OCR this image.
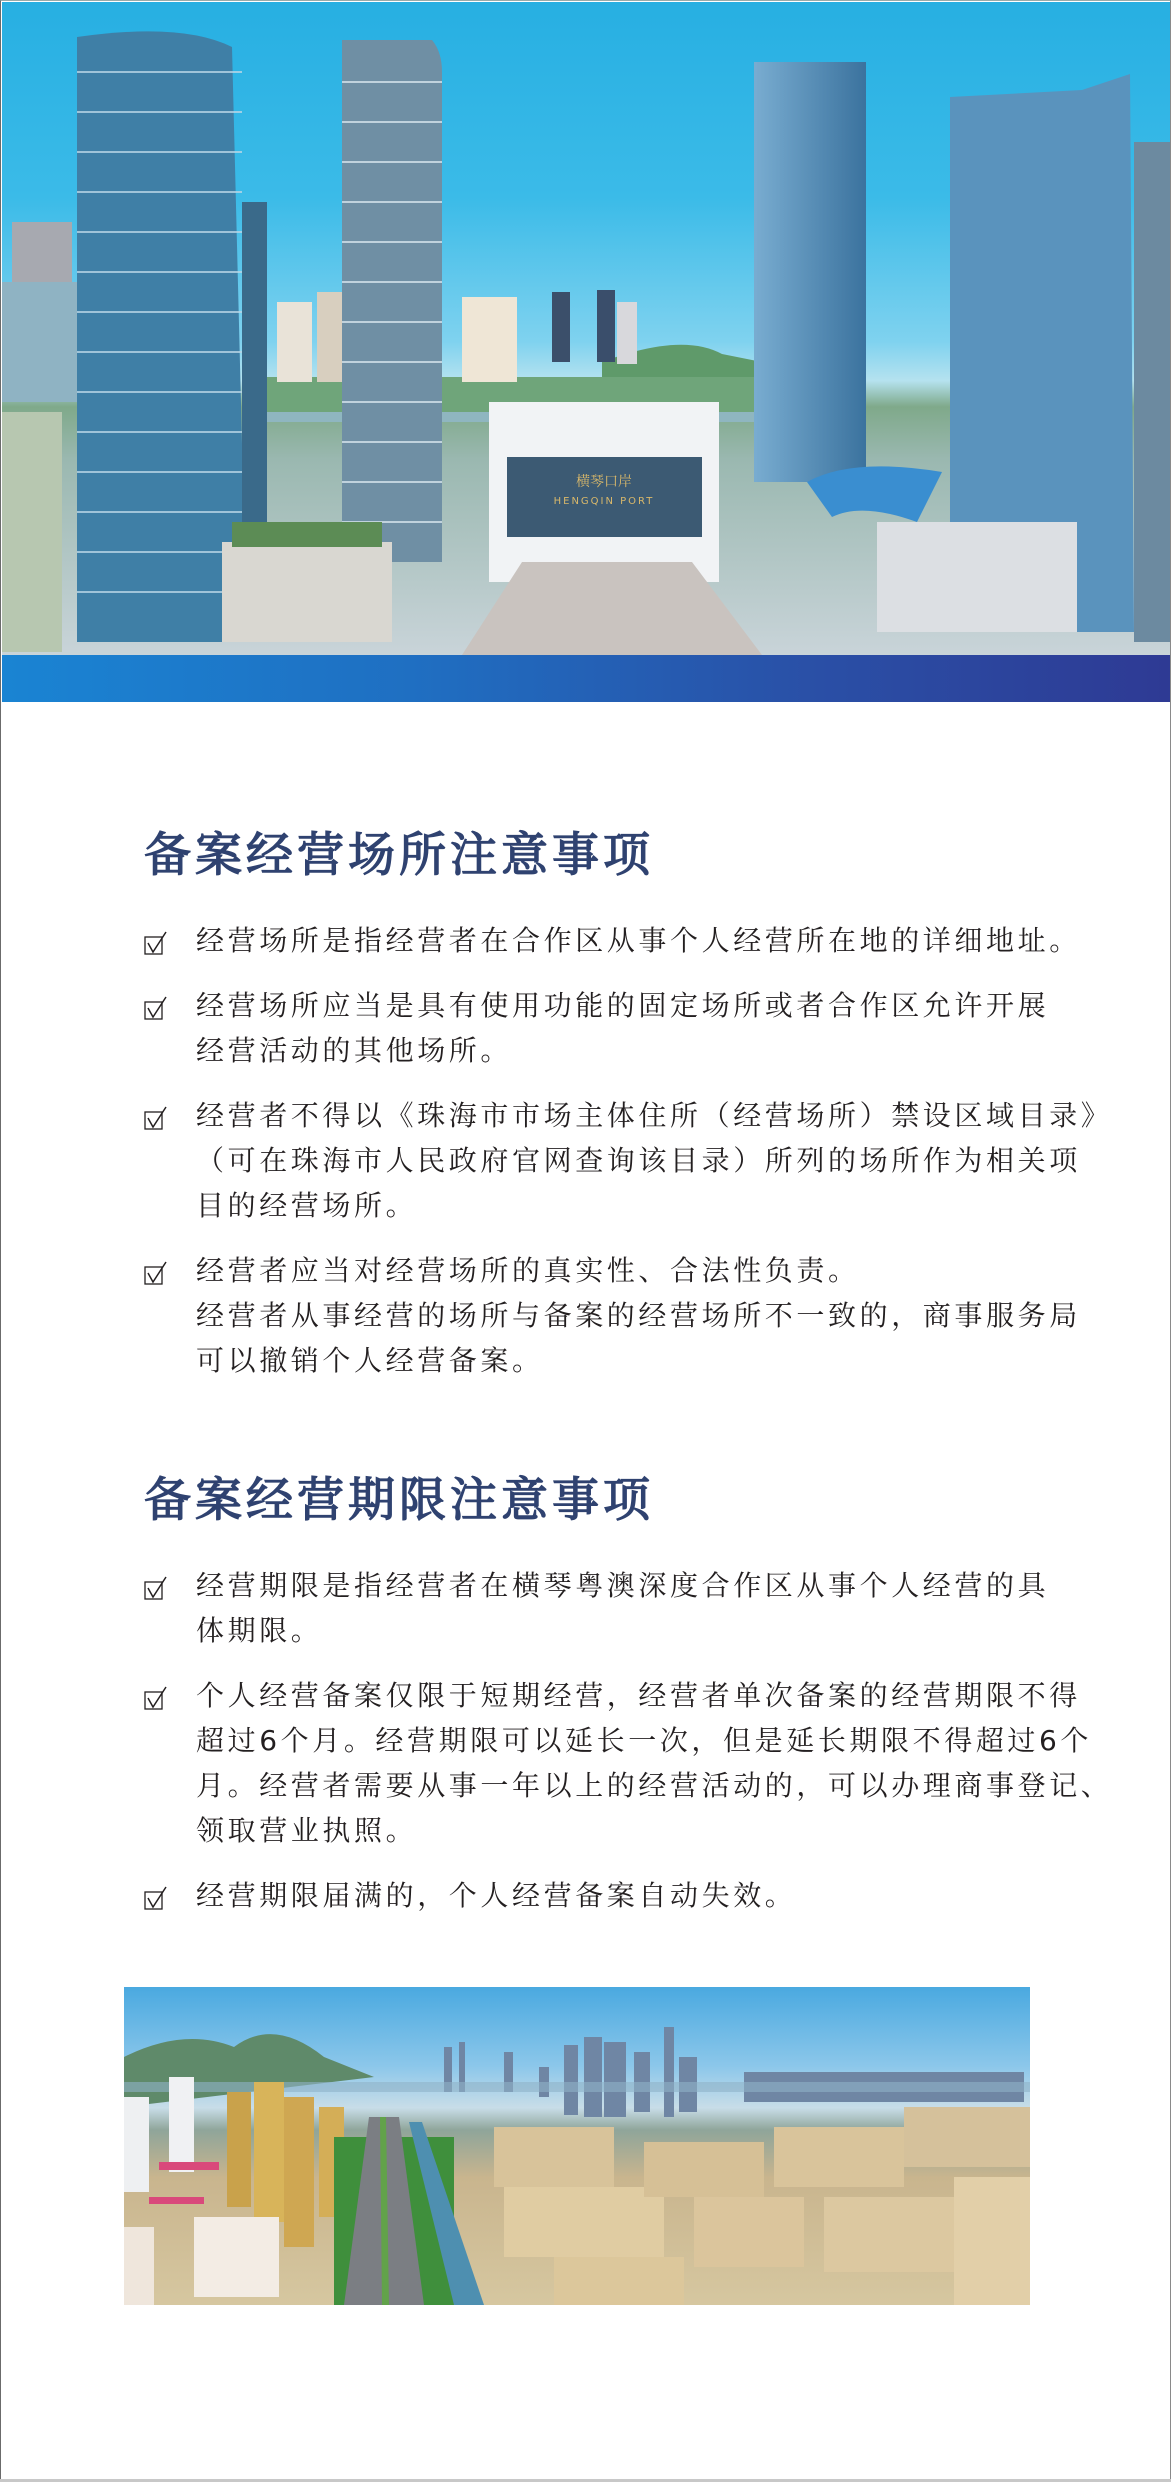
横琴口岸
HENGQIN PORT
备案经营场所注意事项
经营场所是指经营者在合作区从事个人经营所在地的详细地址。
经营场所应当是具有使用功能的固定场所或者合作区允许开展
经营活动的其他场所。
经营者不得以《珠海市市场主体住所（经营场所）禁设区域目录》
（可在珠海市人民政府官网查询该目录）所列的场所作为相关项
目的经营场所。
经营者应当对经营场所的真实性、合法性负责。
经营者从事经营的场所与备案的经营场所不一致的，商事服务局
可以撤销个人经营备案。
备案经营期限注意事项
经营期限是指经营者在横琴粤澳深度合作区从事个人经营的具
体期限。
个人经营备案仅限于短期经营，经营者单次备案的经营期限不得
超过6个月。经营期限可以延长一次，但是延长期限不得超过6个
月。经营者需要从事一年以上的经营活动的，可以办理商事登记、
领取营业执照。
经营期限届满的，个人经营备案自动失效。
